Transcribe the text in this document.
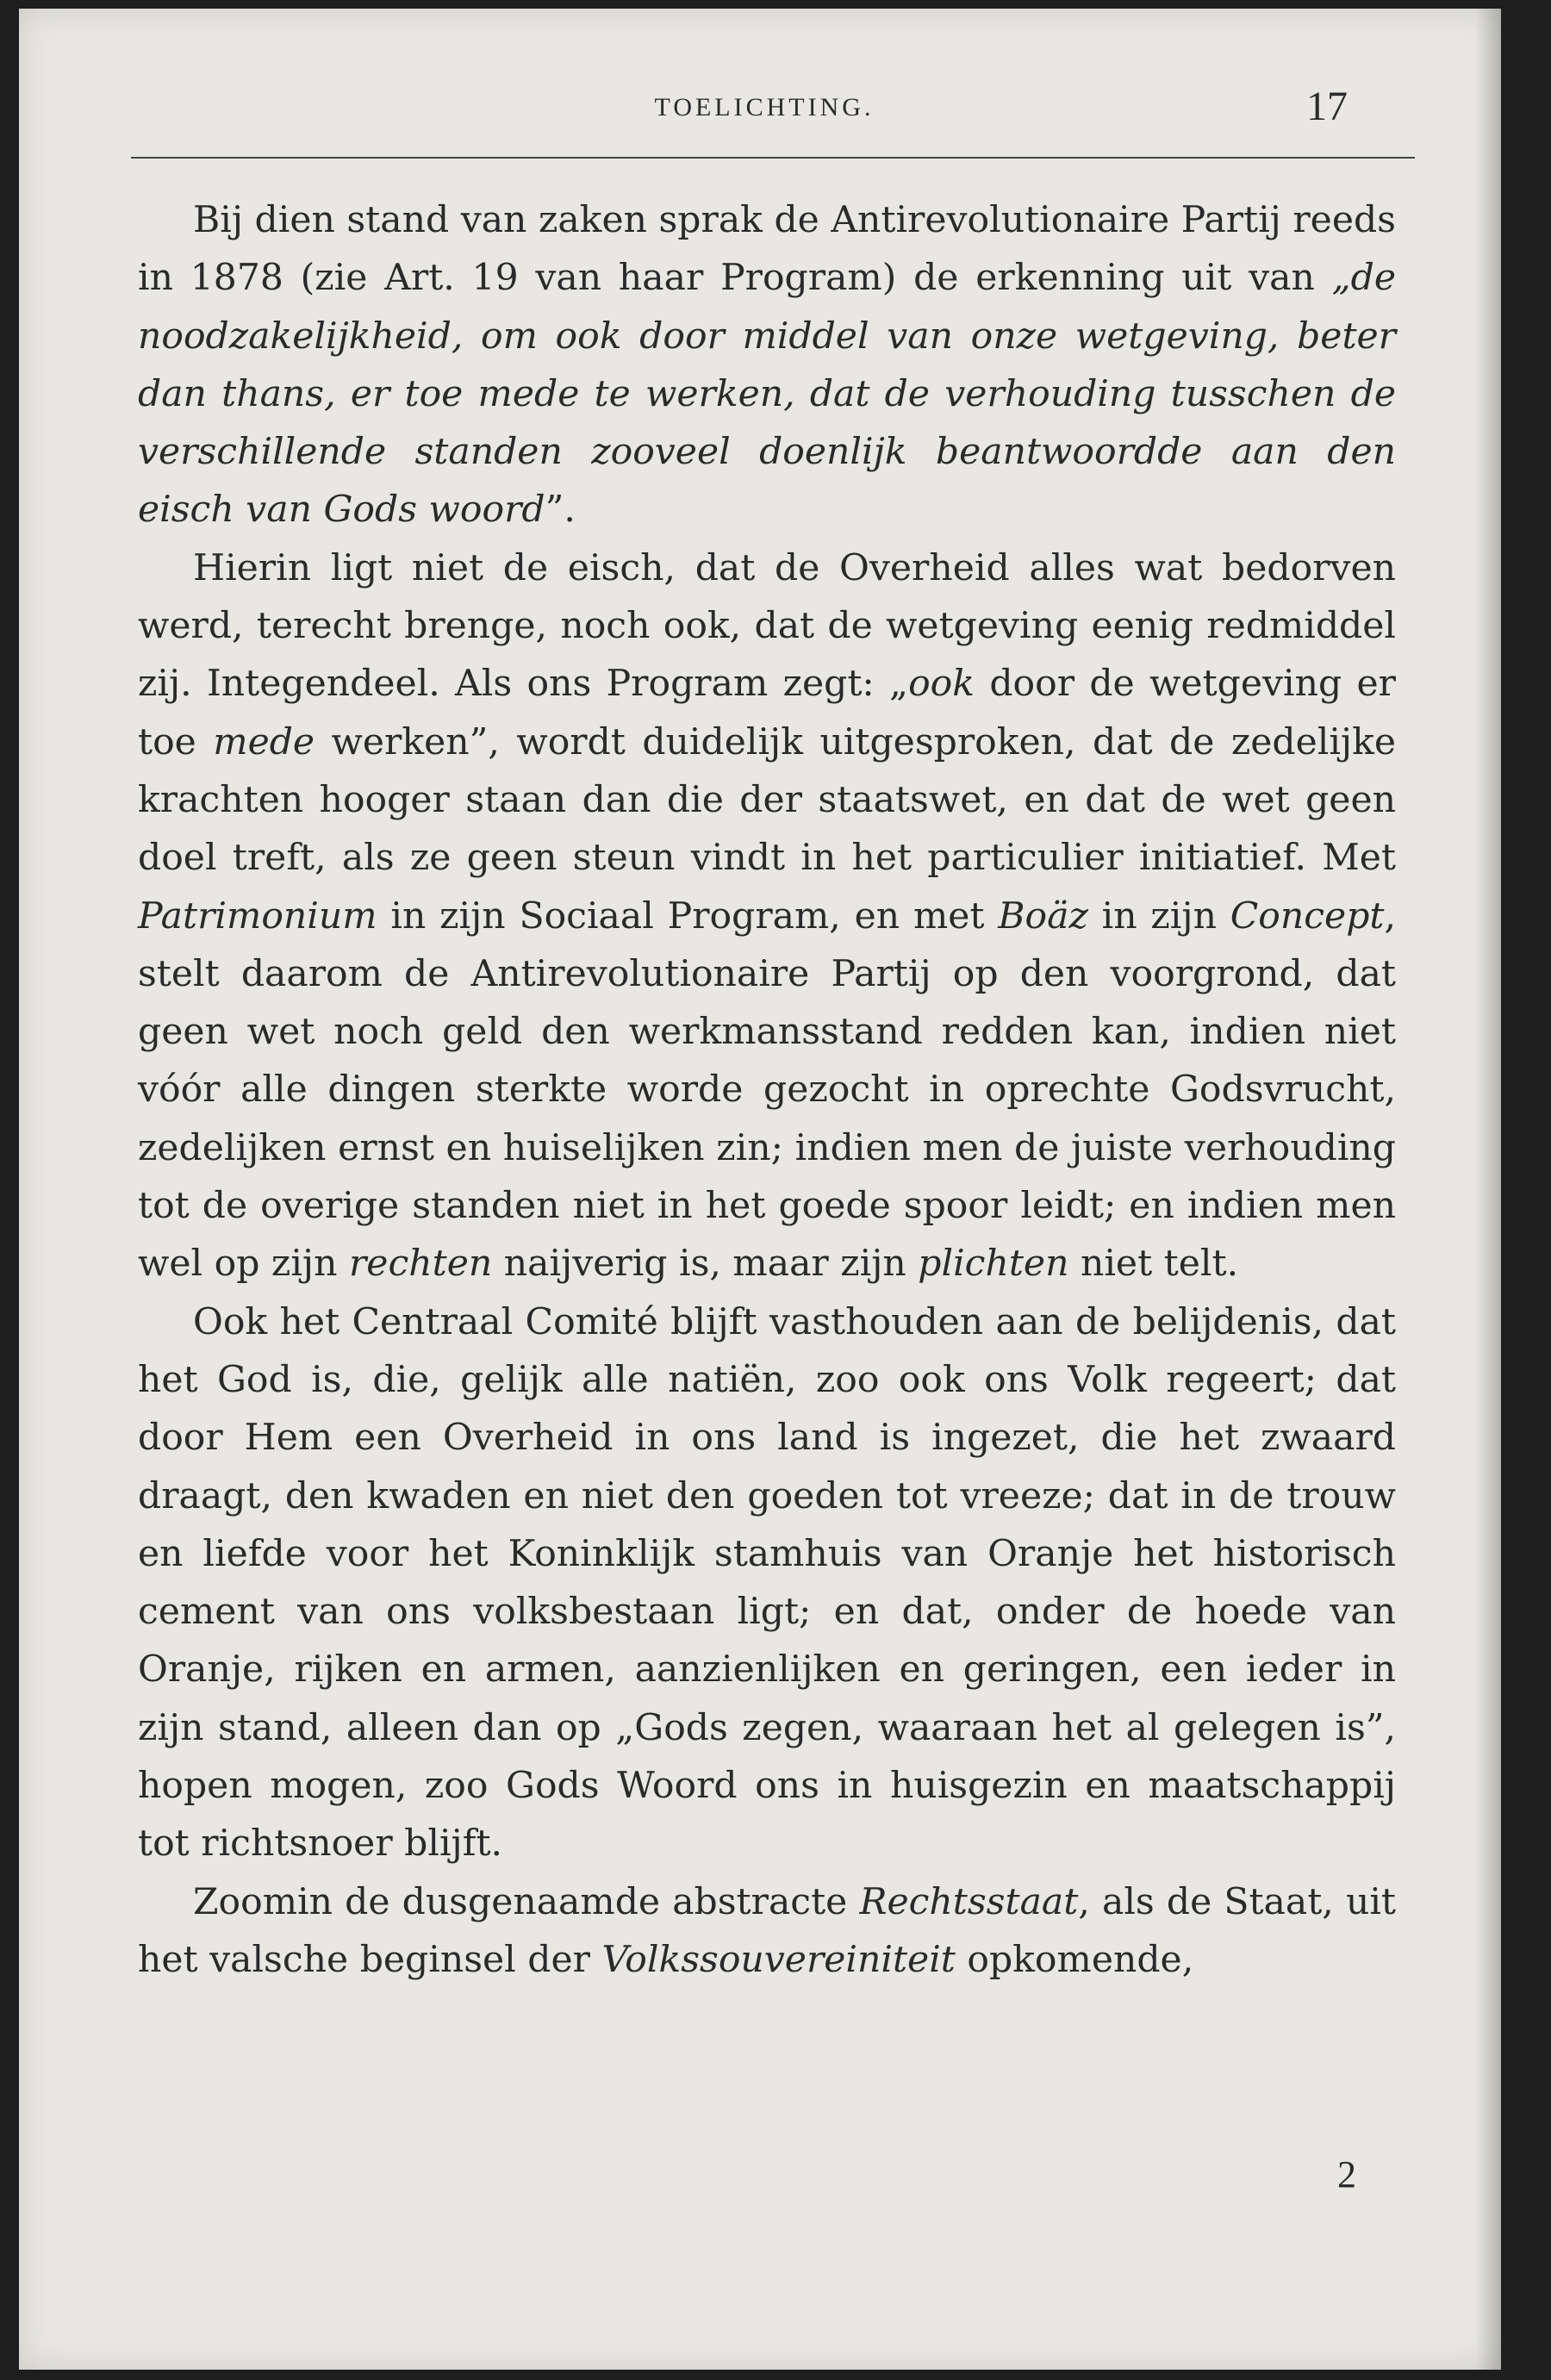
TOELICHTING.	17

Bij dien stand van zaken sprak de Antirevolutionaire Partij reeds in 1878 (zie Art. 19 van haar Program) de erkenning uit van „de noodzakelijkheid, om ook door middel van onze wetgeving, beter dan thans, er toe mede te werken, dat de verhouding tusschen de verschillende standen zooveel doenlijk beantwoordde aan den eisch van Gods woord”.

Hierin ligt niet de eisch, dat de Overheid alles wat bedorven werd, terecht brenge, noch ook, dat de wetgeving eenig redmiddel zij. Integendeel. Als ons Program zegt: „ook door de wetgeving er toe mede werken”, wordt duidelijk uitgesproken, dat de zedelijke krachten hooger staan dan die der staatswet, en dat de wet geen doel treft, als ze geen steun vindt in het particulier initiatief. Met Patrimonium in zijn Sociaal Program, en met Boäz in zijn Concept, stelt daarom de Antirevolutionaire Partij op den voorgrond, dat geen wet noch geld den werkmansstand redden kan, indien niet vóór alle dingen sterkte worde gezocht in oprechte Godsvrucht, zedelijken ernst en huiselijken zin; indien men de juiste verhouding tot de overige standen niet in het goede spoor leidt; en indien men wel op zijn rechten naijverig is, maar zijn plichten niet telt.

Ook het Centraal Comité blijft vasthouden aan de belijdenis, dat het God is, die, gelijk alle natiën, zoo ook ons Volk regeert; dat door Hem een Overheid in ons land is ingezet, die het zwaard draagt, den kwaden en niet den goeden tot vreeze; dat in de trouw en liefde voor het Koninklijk stamhuis van Oranje het historisch cement van ons volksbestaan ligt; en dat, onder de hoede van Oranje, rijken en armen, aanzienlijken en geringen, een ieder in zijn stand, alleen dan op „Gods zegen, waaraan het al gelegen is”, hopen mogen, zoo Gods Woord ons in huisgezin en maatschappij tot richtsnoer blijft.

Zoomin de dusgenaamde abstracte Rechtsstaat, als de Staat, uit het valsche beginsel der Volkssouvereiniteit opkomende,

2
